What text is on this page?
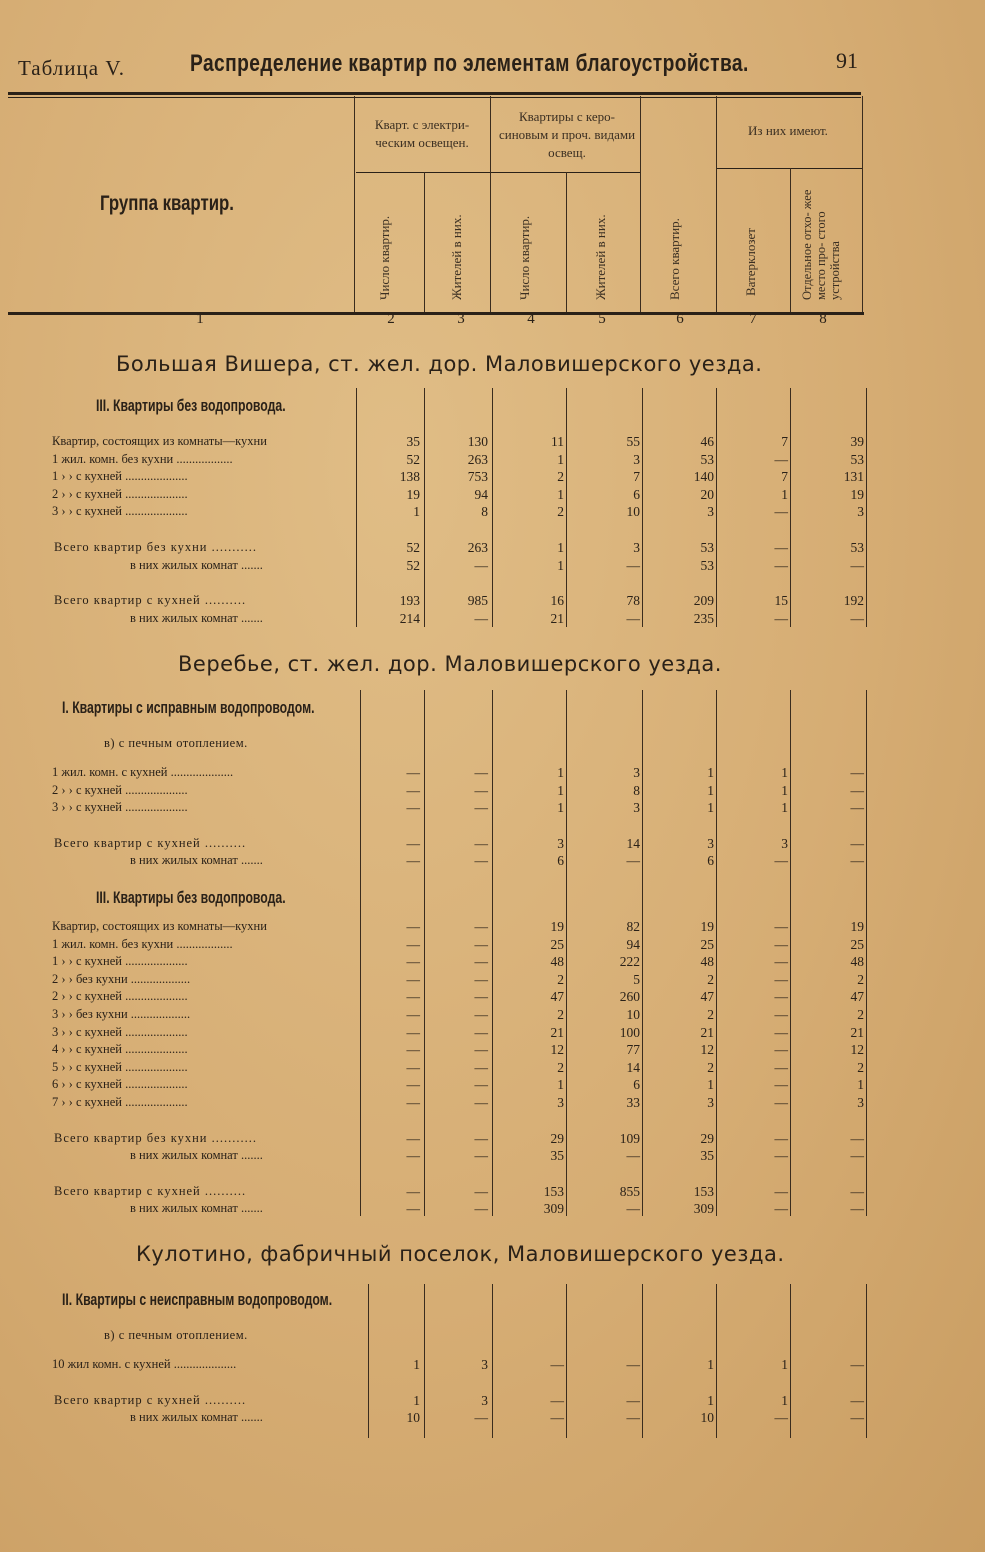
Таблица V.	Распределение квартир по элементам благоустройства.	91
Группа квартир.
Кварт. с электри- ческим освещен.
Квартиры с керо- синовым и проч. видами освещ.
Из них имеют.
Число квартир.	Жителей в них.	Число квартир.	Жителей в них.	Всего квартир.	Ватерклозет	Отдельное отхо- жее место про- стого устройства
1	2	3	4	5	6	7	8
Большая Вишера, ст. жел. дор. Маловишерского уезда.
III. Квартиры без водопровода.
Квартир, состоящих из комнаты—кухни	35	130	11	55	46	7	39
1 жил. комн. без кухни ..................	52	263	1	3	53	—	53
1 › › с кухней ....................	138	753	2	7	140	7	131
2 › › с кухней ....................	19	94	1	6	20	1	19
3 › › с кухней ....................	1	8	2	10	3	—	3
Всего квартир без кухни ...........	52	263	1	3	53	—	53
в них жилых комнат .......	52	—	1	—	53	—	—
Всего квартир с кухней ..........	193	985	16	78	209	15	192
в них жилых комнат .......	214	—	21	—	235	—	—
Веребье, ст. жел. дор. Маловишерского уезда.
I. Квартиры с исправным водопроводом.
в) с печным отоплением.
1 жил. комн. с кухней ....................	—	—	1	3	1	1	—
2 › › с кухней ....................	—	—	1	8	1	1	—
3 › › с кухней ....................	—	—	1	3	1	1	—
Всего квартир с кухней ..........	—	—	3	14	3	3	—
в них жилых комнат .......	—	—	6	—	6	—	—
III. Квартиры без водопровода.
Квартир, состоящих из комнаты—кухни	—	—	19	82	19	—	19
1 жил. комн. без кухни ..................	—	—	25	94	25	—	25
1 › › с кухней ....................	—	—	48	222	48	—	48
2 › › без кухни ...................	—	—	2	5	2	—	2
2 › › с кухней ....................	—	—	47	260	47	—	47
3 › › без кухни ...................	—	—	2	10	2	—	2
3 › › с кухней ....................	—	—	21	100	21	—	21
4 › › с кухней ....................	—	—	12	77	12	—	12
5 › › с кухней ....................	—	—	2	14	2	—	2
6 › › с кухней ....................	—	—	1	6	1	—	1
7 › › с кухней ....................	—	—	3	33	3	—	3
Всего квартир без кухни ...........	—	—	29	109	29	—	—
в них жилых комнат .......	—	—	35	—	35	—	—
Всего квартир с кухней ..........	—	—	153	855	153	—	—
в них жилых комнат .......	—	—	309	—	309	—	—
Кулотино, фабричный поселок, Маловишерского уезда.
II. Квартиры с неисправным водопроводом.
в) с печным отоплением.
10 жил комн. с кухней ....................	1	3	—	—	1	1	—
Всего квартир с кухней ..........	1	3	—	—	1	1	—
в них жилых комнат .......	10	—	—	—	10	—	—
